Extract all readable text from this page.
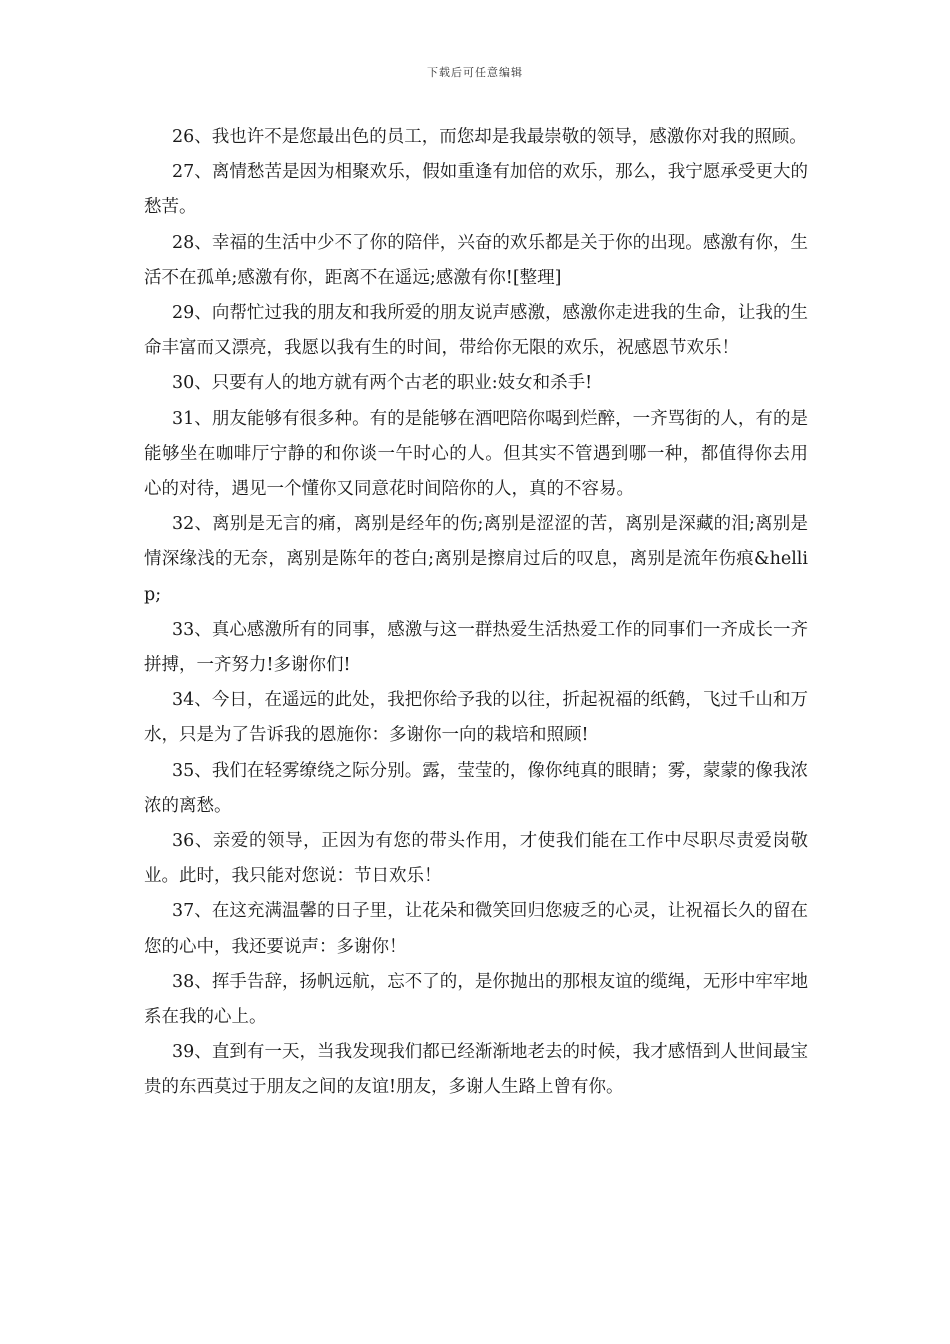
下载后可任意编辑

26、我也许不是您最出色的员工，而您却是我最崇敬的领导，感激你对我的照顾。

27、离情愁苦是因为相聚欢乐，假如重逢有加倍的欢乐，那么，我宁愿承受更大的愁苦。

28、幸福的生活中少不了你的陪伴，兴奋的欢乐都是关于你的出现。感激有你，生活不在孤单;感激有你，距离不在遥远;感激有你![整理]

29、向帮忙过我的朋友和我所爱的朋友说声感激，感激你走进我的生命，让我的生命丰富而又漂亮，我愿以我有生的时间，带给你无限的欢乐，祝感恩节欢乐！

30、只要有人的地方就有两个古老的职业:妓女和杀手!

31、朋友能够有很多种。有的是能够在酒吧陪你喝到烂醉，一齐骂街的人，有的是能够坐在咖啡厅宁静的和你谈一午时心的人。但其实不管遇到哪一种，都值得你去用心的对待，遇见一个懂你又同意花时间陪你的人，真的不容易。

32、离别是无言的痛，离别是经年的伤;离别是涩涩的苦，离别是深藏的泪;离别是情深缘浅的无奈，离别是陈年的苍白;离别是擦肩过后的叹息，离别是流年伤痕&hellip;

33、真心感激所有的同事，感激与这一群热爱生活热爱工作的同事们一齐成长一齐拼搏，一齐努力!多谢你们!

34、今日，在遥远的此处，我把你给予我的以往，折起祝福的纸鹤，飞过千山和万水，只是为了告诉我的恩施你：多谢你一向的栽培和照顾!

35、我们在轻雾缭绕之际分别。露，莹莹的，像你纯真的眼睛；雾，蒙蒙的像我浓浓的离愁。

36、亲爱的领导，正因为有您的带头作用，才使我们能在工作中尽职尽责爱岗敬业。此时，我只能对您说：节日欢乐！

37、在这充满温馨的日子里，让花朵和微笑回归您疲乏的心灵，让祝福长久的留在您的心中，我还要说声：多谢你！

38、挥手告辞，扬帆远航，忘不了的，是你抛出的那根友谊的缆绳，无形中牢牢地系在我的心上。

39、直到有一天，当我发现我们都已经渐渐地老去的时候，我才感悟到人世间最宝贵的东西莫过于朋友之间的友谊!朋友，多谢人生路上曾有你。
